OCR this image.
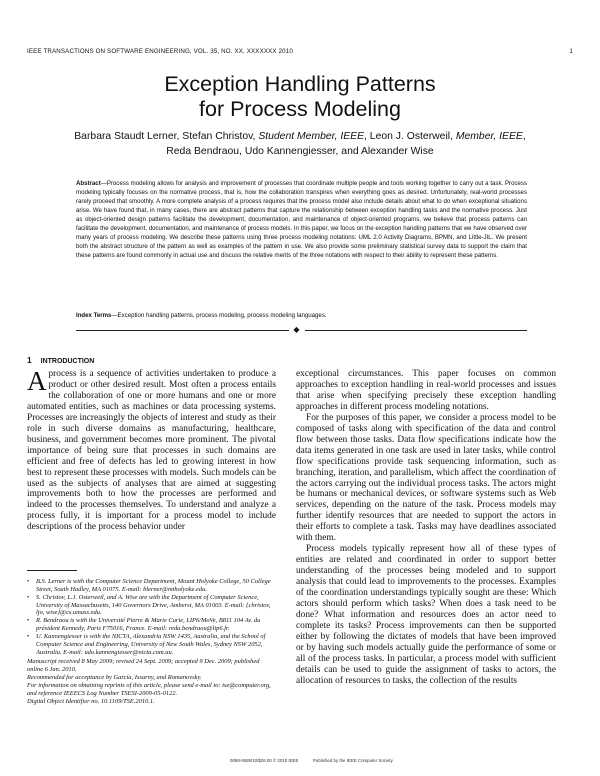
IEEE TRANSACTIONS ON SOFTWARE ENGINEERING, VOL. 35, NO. XX, XXXXXXX 2010	1
Exception Handling Patterns
for Process Modeling
Barbara Staudt Lerner, Stefan Christov, Student Member, IEEE, Leon J. Osterweil, Member, IEEE,
Reda Bendraou, Udo Kannengiesser, and Alexander Wise
Abstract—Process modeling allows for analysis and improvement of processes that coordinate multiple people and tools working together to carry out a task. Process modeling typically focuses on the normative process, that is, how the collaboration transpires when everything goes as desired. Unfortunately, real-world processes rarely proceed that smoothly. A more complete analysis of a process requires that the process model also include details about what to do when exceptional situations arise. We have found that, in many cases, there are abstract patterns that capture the relationship between exception handling tasks and the normative process. Just as object-oriented design patterns facilitate the development, documentation, and maintenance of object-oriented programs, we believe that process patterns can facilitate the development, documentation, and maintenance of process models. In this paper, we focus on the exception handling patterns that we have observed over many years of process modeling. We describe these patterns using three process modeling notations: UML 2.0 Activity Diagrams, BPMN, and Little-JIL. We present both the abstract structure of the pattern as well as examples of the pattern in use. We also provide some preliminary statistical survey data to support the claim that these patterns are found commonly in actual use and discuss the relative merits of the three notations with respect to their ability to represent these patterns.
Index Terms—Exception handling patterns, process modeling, process modeling languages.
◆
1 INTRODUCTION

Aprocess is a sequence of activities undertaken to produce a product or other desired result. Most often a process entails the collaboration of one or more humans and one or more automated entities, such as machines or data processing systems. Processes are increasingly the objects of interest and study as their role in such diverse domains as manufacturing, healthcare, business, and government becomes more prominent. The pivotal importance of being sure that processes in such domains are efficient and free of defects has led to growing interest in how best to represent these processes with models. Such models can be used as the subjects of analyses that are aimed at suggesting improvements both to how the processes are performed and indeed to the processes themselves. To understand and analyze a process fully, it is important for a process model to include descriptions of the process behavior under

exceptional circumstances. This paper focuses on common approaches to exception handling in real-world processes and issues that arise when specifying precisely these exception handling approaches in different process modeling notations.

For the purposes of this paper, we consider a process model to be composed of tasks along with specification of the data and control flow between those tasks. Data flow specifications indicate how the data items generated in one task are used in later tasks, while control flow specifications provide task sequencing information, such as branching, iteration, and parallelism, which affect the coordination of the actors carrying out the individual process tasks. The actors might be humans or mechanical devices, or software systems such as Web services, depending on the nature of the task. Process models may further identify resources that are needed to support the actors in their efforts to complete a task. Tasks may have deadlines associated with them.

Process models typically represent how all of these types of entities are related and coordinated in order to support better understanding of the processes being modeled and to support analysis that could lead to improvements to the processes. Examples of the coordination understandings typically sought are these: Which actors should perform which tasks? When does a task need to be done? What information and resources does an actor need to complete its tasks? Process improvements can then be supported either by following the dictates of models that have been improved or by having such models actually guide the performance of some or all of the process tasks. In particular, a process model with sufficient details can be used to guide the assignment of tasks to actors, the allocation of resources to tasks, the collection of the results

• B.S. Lerner is with the Computer Science Department, Mount Holyoke College, 50 College Street, South Hadley, MA 01075. E-mail: blerner@mtholyoke.edu.
• S. Christov, L.J. Osterweil, and A. Wise are with the Department of Computer Science, University of Massachusetts, 140 Governors Drive, Amherst, MA 01003. E-mail: {christov, ljo, wise}@cs.umass.edu.
• R. Bendraou is with the Université Pierre & Marie Curie, LIP6/MoVe, B811 104 Av. du président Kennedy, Paris F75016, France. E-mail: reda.bendraou@lip6.fr.
• U. Kannengiesser is with the NICTA, Alexandria NSW 1435, Australia, and the School of Computer Science and Engineering, University of New South Wales, Sydney NSW 2052, Australia. E-mail: udo.kannengiesser@nicta.com.au.
Manuscript received 8 May 2009; revised 24 Sept. 2009; accepted 9 Dec. 2009; published online 6 Jan. 2010.
Recommended for acceptance by García, Issarny, and Romanovsky.
For information on obtaining reprints of this article, please send e-mail to: tse@computer.org, and reference IEEECS Log Number TSESI-2009-05-0122.
Digital Object Identifier no. 10.1109/TSE.2010.1.
0098-5589/10/$26.00 © 2010 IEEE	Published by the IEEE Computer Society
